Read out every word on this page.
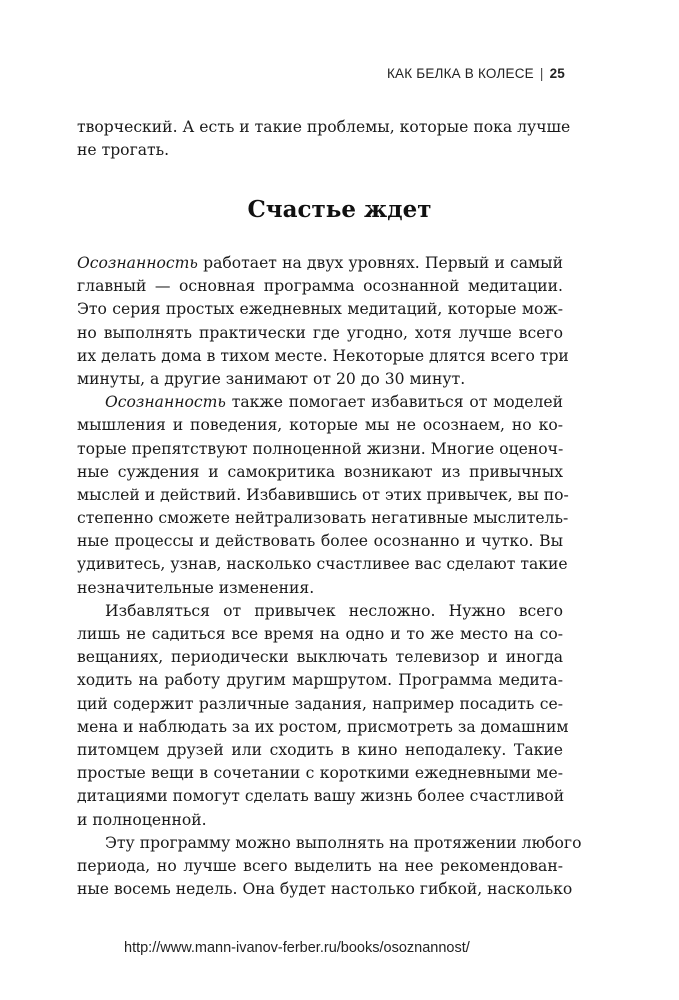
КАК БЕЛКА В КОЛЕСЕ | 25
творческий. А есть и такие проблемы, которые пока лучше
не трогать.
Счастье ждет
Осознанность работает на двух уровнях. Первый и самый
главный — основная программа осознанной медитации.
Это серия простых ежедневных медитаций, которые мож-
но выполнять практически где угодно, хотя лучше всего
их делать дома в тихом месте. Некоторые длятся всего три
минуты, а другие занимают от 20 до 30 минут.
Осознанность также помогает избавиться от моделей
мышления и поведения, которые мы не осознаем, но ко-
торые препятствуют полноценной жизни. Многие оценоч-
ные суждения и самокритика возникают из привычных
мыслей и действий. Избавившись от этих привычек, вы по-
степенно сможете нейтрализовать негативные мыслитель-
ные процессы и действовать более осознанно и чутко. Вы
удивитесь, узнав, насколько счастливее вас сделают такие
незначительные изменения.
Избавляться от привычек несложно. Нужно всего
лишь не садиться все время на одно и то же место на со-
вещаниях, периодически выключать телевизор и иногда
ходить на работу другим маршрутом. Программа медита-
ций содержит различные задания, например посадить се-
мена и наблюдать за их ростом, присмотреть за домашним
питомцем друзей или сходить в кино неподалеку. Такие
простые вещи в сочетании с короткими ежедневными ме-
дитациями помогут сделать вашу жизнь более счастливой
и полноценной.
Эту программу можно выполнять на протяжении любого
периода, но лучше всего выделить на нее рекомендован-
ные восемь недель. Она будет настолько гибкой, насколько
http://www.mann-ivanov-ferber.ru/books/osoznannost/
